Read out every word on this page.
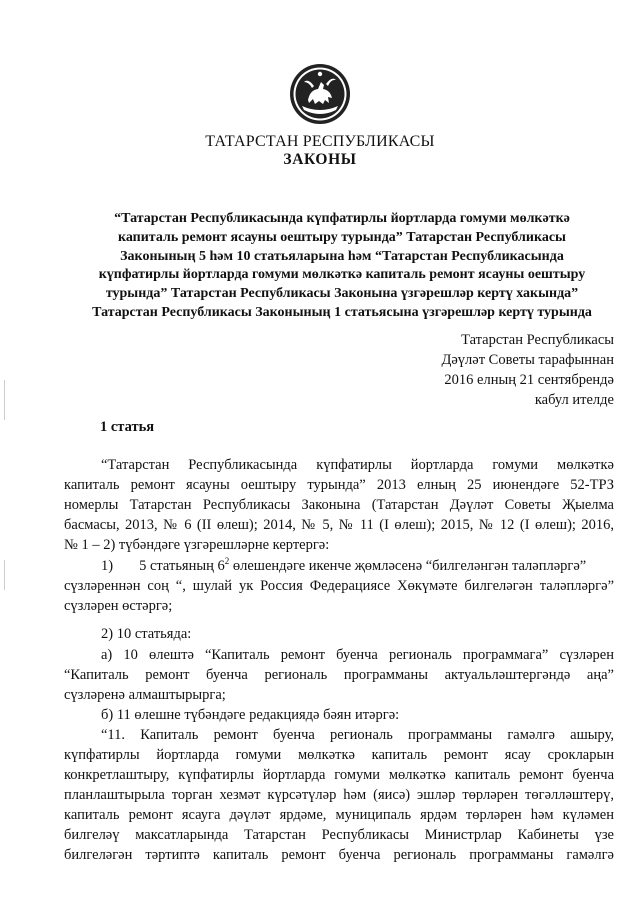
ТАТАРСТАН РЕСПУБЛИКАСЫ
ЗАКОНЫ
“Татарстан Республикасында күпфатирлы йортларда гомуми мөлкәткә
капиталь ремонт ясауны оештыру турында” Татарстан Республикасы
Законының 5 һәм 10 статьяларына һәм “Татарстан Республикасында
күпфатирлы йортларда гомуми мөлкәткә капиталь ремонт ясауны оештыру
турында” Татарстан Республикасы Законына үзгәрешләр кертү хакында”
Татарстан Республикасы Законының 1 статьясына үзгәрешләр кертү турында
Татарстан Республикасы
Дәүләт Советы тарафыннан
2016 елның 21 сентябрендә
кабул ителде
1 статья
“Татарстан Республикасында күпфатирлы йортларда гомуми мөлкәткә
капиталь ремонт ясауны оештыру турында” 2013 елның 25 июнендәге 52-ТРЗ
номерлы Татарстан Республикасы Законына (Татарстан Дәүләт Советы Җыелма
басмасы, 2013, № 6 (II өлеш); 2014, № 5, № 11 (I өлеш); 2015, № 12 (I өлеш); 2016,
№ 1 – 2) түбәндәге үзгәрешләрне кертергә:
1) 5 статьяның $6^2$ өлешендәге икенче җөмләсенә “билгеләнгән таләпләргә”
сүзләреннән соң “, шулай ук Россия Федерациясе Хөкүмәте билгеләгән таләпләргә”
сүзләрен өстәргә;
2) 10 статьяда:
а) 10 өлештә “Капиталь ремонт буенча региональ программага” сүзләрен
“Капиталь ремонт буенча региональ программаны актуальләштергәндә аңа”
сүзләренә алмаштырырга;
б) 11 өлешне түбәндәге редакциядә бәян итәргә:
“11. Капиталь ремонт буенча региональ программаны гамәлгә ашыру,
күпфатирлы йортларда гомуми мөлкәткә капиталь ремонт ясау срокларын
конкретлаштыру, күпфатирлы йортларда гомуми мөлкәткә капиталь ремонт буенча
планлаштырыла торган хезмәт күрсәтүләр һәм (яисә) эшләр төрләрен төгәлләштерү,
капиталь ремонт ясауга дәүләт ярдәме, муниципаль ярдәм төрләрен һәм күләмен
билгеләү максатларында Татарстан Республикасы Министрлар Кабинеты үзе
билгеләгән тәртиптә капиталь ремонт буенча региональ программаны гамәлгә
